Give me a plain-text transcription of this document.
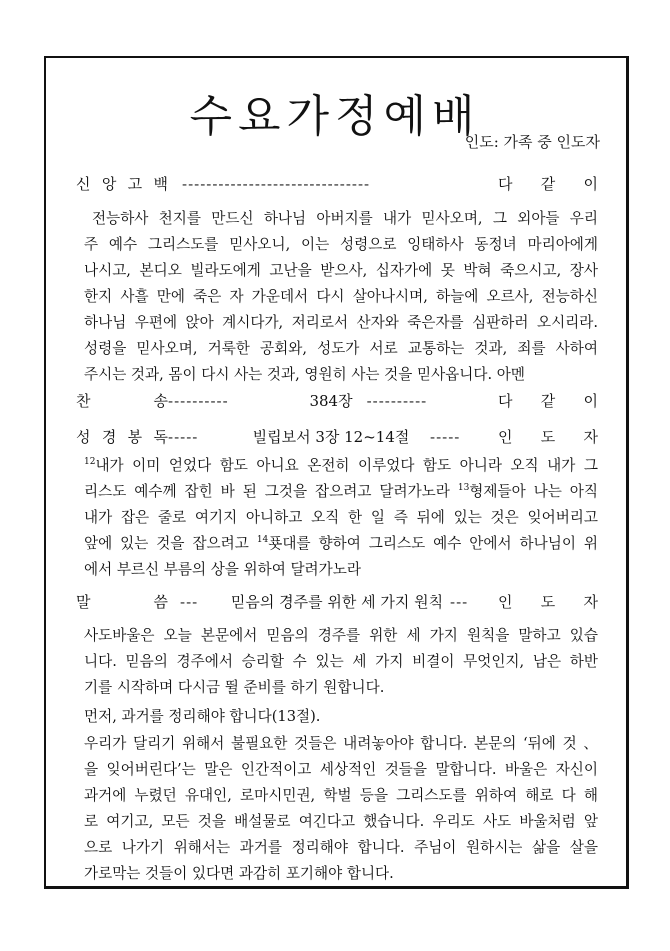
수요가정예배
인도: 가족 중 인도자
신 앙 고 백 -------------------------------	다 같 이
전능하사 천지를 만드신 하나님 아버지를 내가 믿사오며, 그 외아들 우리
주 예수 그리스도를 믿사오니, 이는 성령으로 잉태하사 동정녀 마리아에게
나시고, 본디오 빌라도에게 고난을 받으사, 십자가에 못 박혀 죽으시고, 장사
한지 사흘 만에 죽은 자 가운데서 다시 살아나시며, 하늘에 오르사, 전능하신
하나님 우편에 앉아 계시다가, 저리로서 산자와 죽은자를 심판하러 오시리라.
성령을 믿사오며, 거룩한 공회와, 성도가 서로 교통하는 것과, 죄를 사하여
주시는 것과, 몸이 다시 사는 것과, 영원히 사는 것을 믿사옵니다. 아멘
찬	송 ----------	384장 ----------	다 같 이
성 경 봉 독 -----	빌립보서 3장 12~14절	-----	인 도 자
$^{12}$내가 이미 얻었다 함도 아니요 온전히 이루었다 함도 아니라 오직 내가 그
리스도 예수께 잡힌 바 된 그것을 잡으려고 달려가노라 $^{13}$형제들아 나는 아직
내가 잡은 줄로 여기지 아니하고 오직 한 일 즉 뒤에 있는 것은 잊어버리고
앞에 있는 것을 잡으려고 $^{14}$푯대를 향하여 그리스도 예수 안에서 하나님이 위
에서 부르신 부름의 상을 위하여 달려가노라
말	씀 ---	믿음의 경주를 위한 세 가지 원칙 ---	인 도 자
사도바울은 오늘 본문에서 믿음의 경주를 위한 세 가지 원칙을 말하고 있습
니다. 믿음의 경주에서 승리할 수 있는 세 가지 비결이 무엇인지, 남은 하반
기를 시작하며 다시금 뛸 준비를 하기 원합니다.
먼저, 과거를 정리해야 합니다(13절).
우리가 달리기 위해서 불필요한 것들은 내려놓아야 합니다. 본문의 ‘뒤에 것 、
을 잊어버린다’는 말은 인간적이고 세상적인 것들을 말합니다. 바울은 자신이
과거에 누렸던 유대인, 로마시민권, 학벌 등을 그리스도를 위하여 해로 다 해
로 여기고, 모든 것을 배설물로 여긴다고 했습니다. 우리도 사도 바울처럼 앞
으로 나가기 위해서는 과거를 정리해야 합니다. 주님이 원하시는 삶을 살을
가로막는 것들이 있다면 과감히 포기해야 합니다.
